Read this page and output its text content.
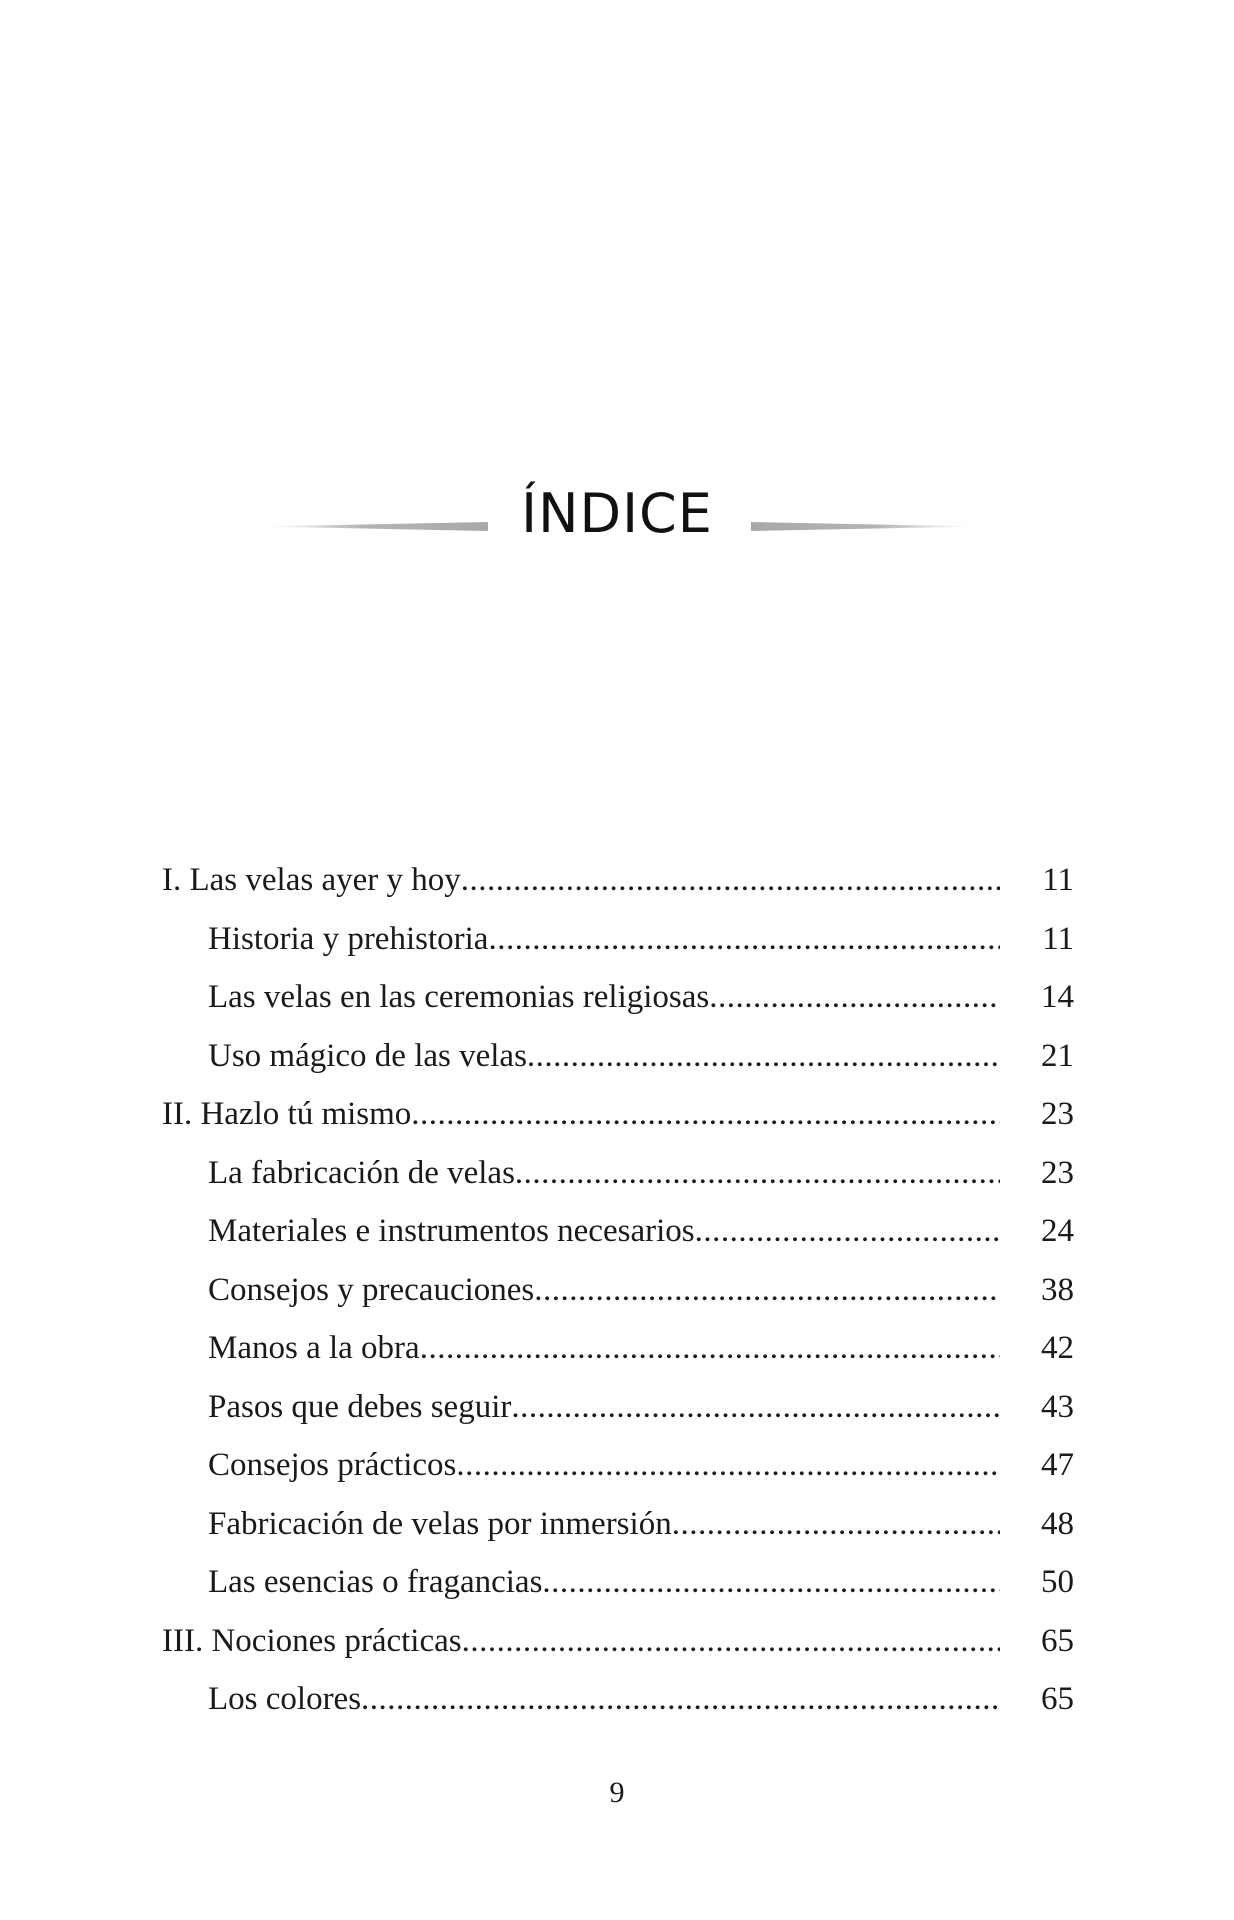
ÍNDICE
I. Las velas ayer y hoy .....	11
Historia y prehistoria .....	11
Las velas en las ceremonias religiosas .....	14
Uso mágico de las velas .....	21
II. Hazlo tú mismo .....	23
La fabricación de velas .....	23
Materiales e instrumentos necesarios .....	24
Consejos y precauciones .....	38
Manos a la obra .....	42
Pasos que debes seguir .....	43
Consejos prácticos .....	47
Fabricación de velas por inmersión .....	48
Las esencias o fragancias .....	50
III. Nociones prácticas .....	65
Los colores .....	65
9
